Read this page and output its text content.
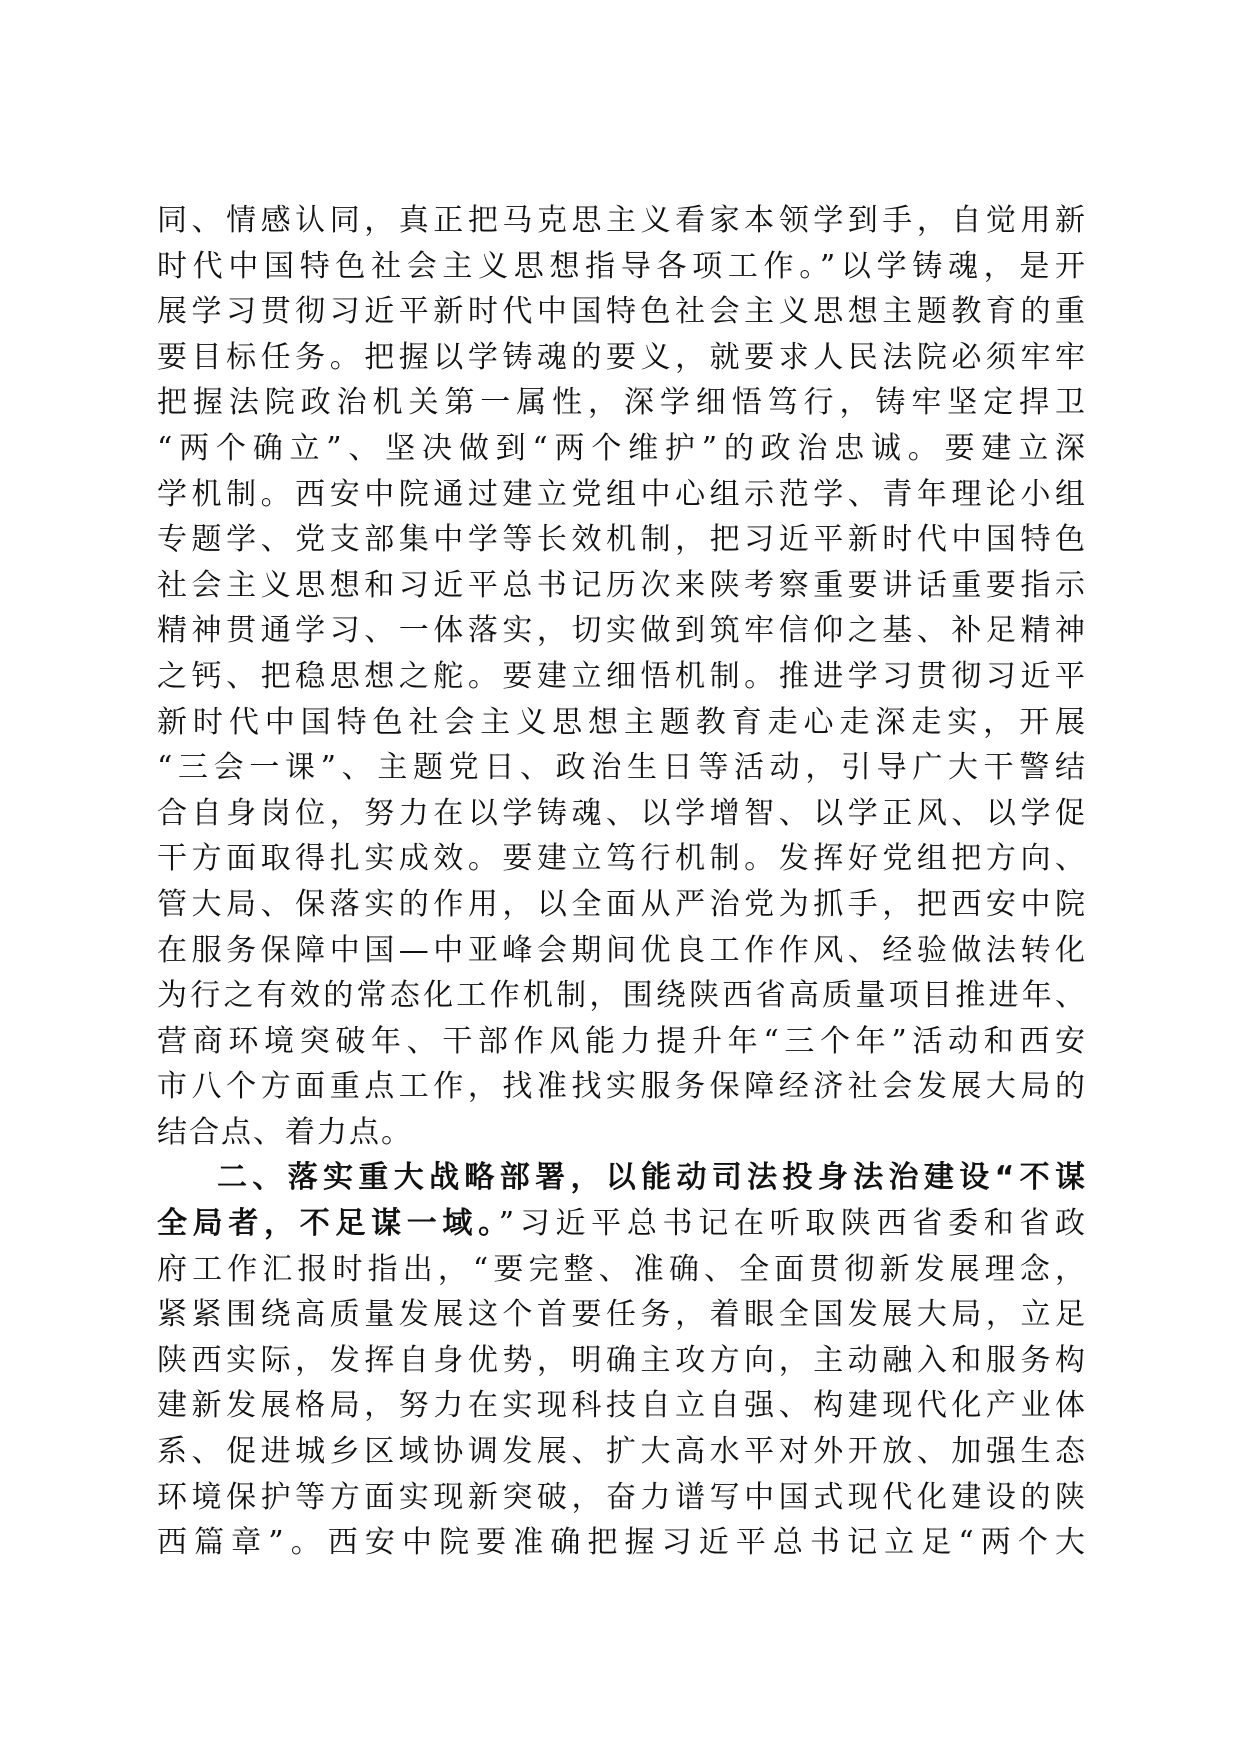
同、情感认同，真正把马克思主义看家本领学到手，自觉用新
时代中国特色社会主义思想指导各项工作。”以学铸魂，是开
展学习贯彻习近平新时代中国特色社会主义思想主题教育的重
要目标任务。把握以学铸魂的要义，就要求人民法院必须牢牢
把握法院政治机关第一属性，深学细悟笃行，铸牢坚定捍卫
“两个确立”、坚决做到“两个维护”的政治忠诚。要建立深
学机制。西安中院通过建立党组中心组示范学、青年理论小组
专题学、党支部集中学等长效机制，把习近平新时代中国特色
社会主义思想和习近平总书记历次来陕考察重要讲话重要指示
精神贯通学习、一体落实，切实做到筑牢信仰之基、补足精神
之钙、把稳思想之舵。要建立细悟机制。推进学习贯彻习近平
新时代中国特色社会主义思想主题教育走心走深走实，开展
“三会一课”、主题党日、政治生日等活动，引导广大干警结
合自身岗位，努力在以学铸魂、以学增智、以学正风、以学促
干方面取得扎实成效。要建立笃行机制。发挥好党组把方向、
管大局、保落实的作用，以全面从严治党为抓手，把西安中院
在服务保障中国—中亚峰会期间优良工作作风、经验做法转化
为行之有效的常态化工作机制，围绕陕西省高质量项目推进年、
营商环境突破年、干部作风能力提升年“三个年”活动和西安
市八个方面重点工作，找准找实服务保障经济社会发展大局的
结合点、着力点。
二、落实重大战略部署，以能动司法投身法治建设“不谋
全局者，不足谋一域。”习近平总书记在听取陕西省委和省政
府工作汇报时指出，“要完整、准确、全面贯彻新发展理念，
紧紧围绕高质量发展这个首要任务，着眼全国发展大局，立足
陕西实际，发挥自身优势，明确主攻方向，主动融入和服务构
建新发展格局，努力在实现科技自立自强、构建现代化产业体
系、促进城乡区域协调发展、扩大高水平对外开放、加强生态
环境保护等方面实现新突破，奋力谱写中国式现代化建设的陕
西篇章”。西安中院要准确把握习近平总书记立足“两个大
